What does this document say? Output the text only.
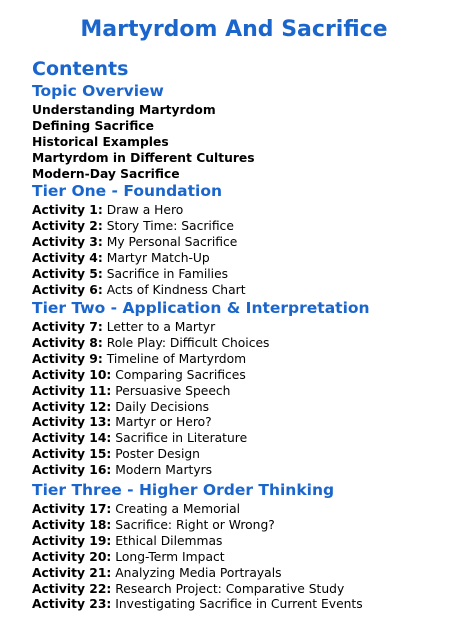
Martyrdom And Sacrifice
Contents
Topic Overview
Understanding Martyrdom
Defining Sacrifice
Historical Examples
Martyrdom in Different Cultures
Modern-Day Sacrifice
Tier One - Foundation
Activity 1: Draw a Hero
Activity 2: Story Time: Sacrifice
Activity 3: My Personal Sacrifice
Activity 4: Martyr Match-Up
Activity 5: Sacrifice in Families
Activity 6: Acts of Kindness Chart
Tier Two - Application & Interpretation
Activity 7: Letter to a Martyr
Activity 8: Role Play: Difficult Choices
Activity 9: Timeline of Martyrdom
Activity 10: Comparing Sacrifices
Activity 11: Persuasive Speech
Activity 12: Daily Decisions
Activity 13: Martyr or Hero?
Activity 14: Sacrifice in Literature
Activity 15: Poster Design
Activity 16: Modern Martyrs
Tier Three - Higher Order Thinking
Activity 17: Creating a Memorial
Activity 18: Sacrifice: Right or Wrong?
Activity 19: Ethical Dilemmas
Activity 20: Long-Term Impact
Activity 21: Analyzing Media Portrayals
Activity 22: Research Project: Comparative Study
Activity 23: Investigating Sacrifice in Current Events
